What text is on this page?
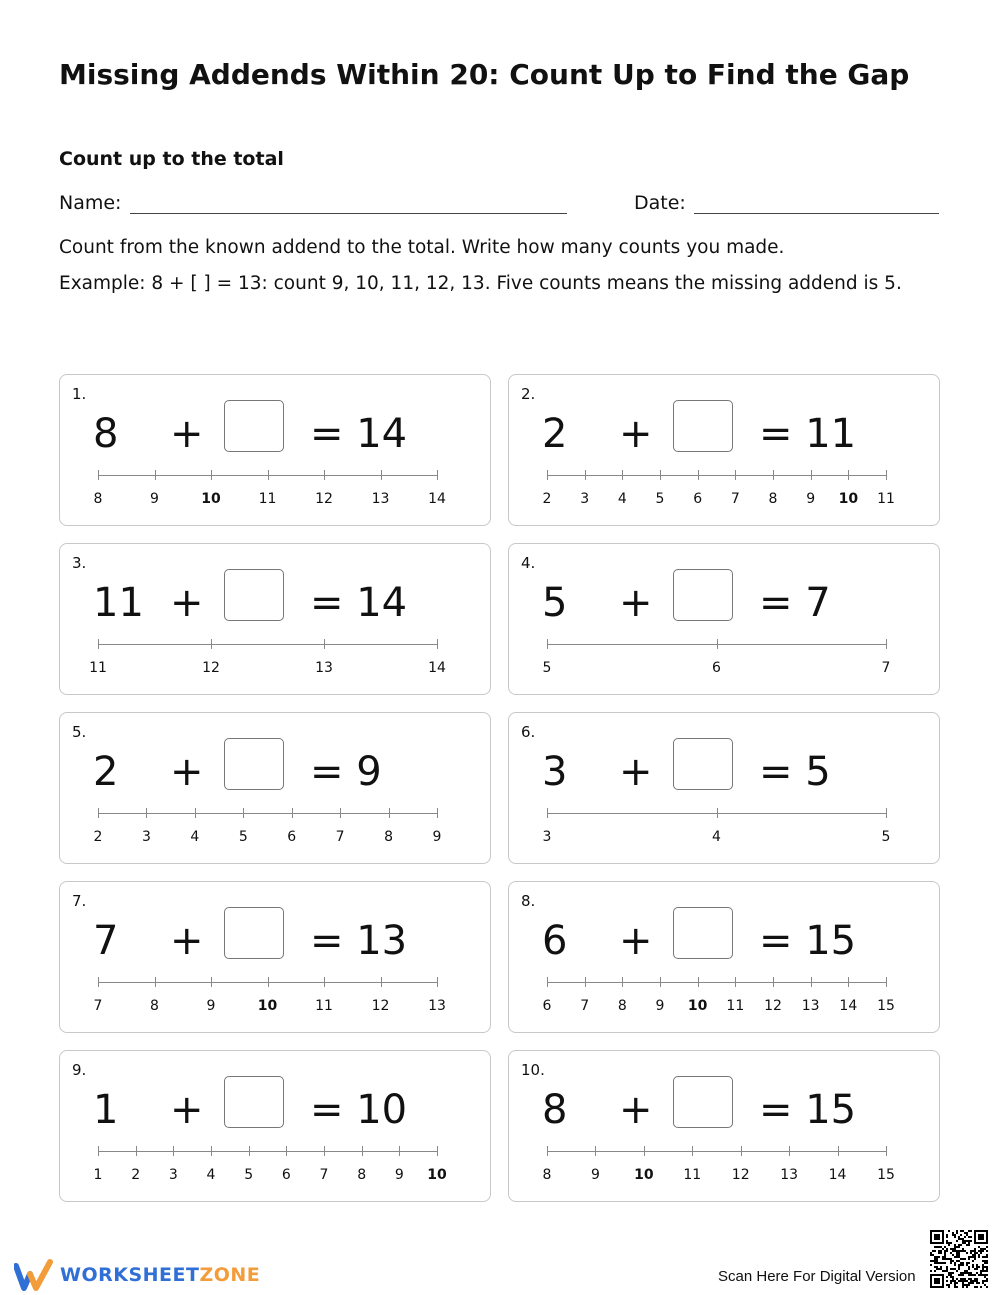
Missing Addends Within 20: Count Up to Find the Gap
Count up to the total
Name:	Date:

Count from the known addend to the total. Write how many counts you made.

Example: 8 + [ ] = 13: count 9, 10, 11, 12, 13. Five counts means the missing addend is 5.

1.
8 +	= 14
8	9	10	11	12	13	14
2.
2 +	= 11
2 3 4 5 6 7 8 9 10 11
3.
11 +	= 14
11	12	13	14
4.
5 +	= 7
5	6	7
5.
2 +	= 9
2	3	4	5	6	7	8	9
6.
3 +	= 5
3	4	5
7.
7 +	= 13
7	8	9	10	11	12	13
8.
6 +	= 15
6 7 8 9 10 11 12 13 14 15
9.
1 +	= 10
1 2 3 4 5 6 7 8 9 10
10.
8 +	= 15
8	9 10 11 12 13 14 15
WORKSHEETZONE	Scan Here For Digital Version
